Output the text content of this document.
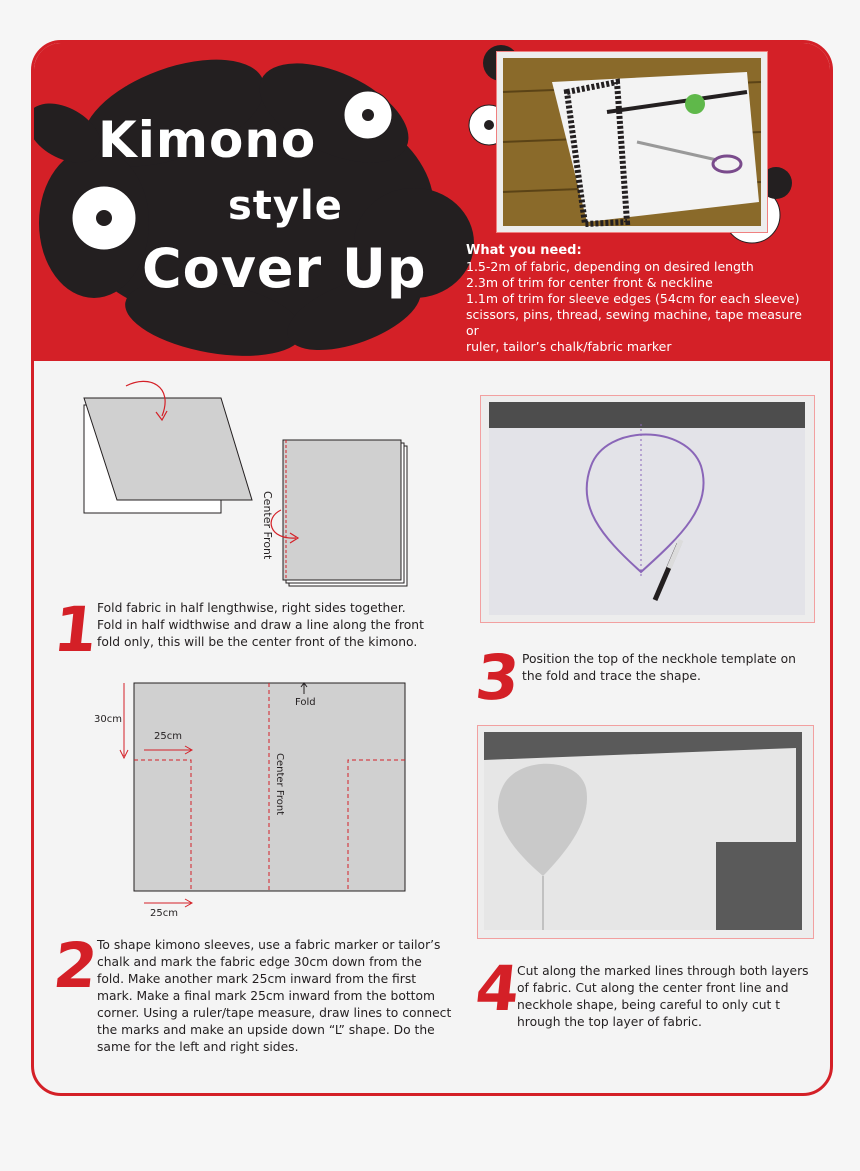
Kimono
style
Cover Up	What you need:
1.5-2m of fabric, depending on desired length
2.3m of trim for center front & neckline
1.1m of trim for sleeve edges (54cm for each sleeve)
scissors, pins, thread, sewing machine, tape measure or
ruler, tailor’s chalk/fabric marker
Center Front
1
Fold fabric in half lengthwise, right sides together.
Fold in half widthwise and draw a line along the front
fold only, this will be the center front of the kimono.
Fold
30cm
25cm
25cm
Center Front
2
To shape kimono sleeves, use a fabric marker or tailor’s
chalk and mark the fabric edge 30cm down from the
fold. Make another mark 25cm inward from the first
mark. Make a final mark 25cm inward from the bottom
corner. Using a ruler/tape measure, draw lines to connect
the marks and make an upside down “L” shape. Do the
same for the left and right sides.
3
Position the top of the neckhole template on
the fold and trace the shape.
4
Cut along the marked lines through both layers
of fabric. Cut along the center front line and
neckhole shape, being careful to only cut t
hrough the top layer of fabric.
